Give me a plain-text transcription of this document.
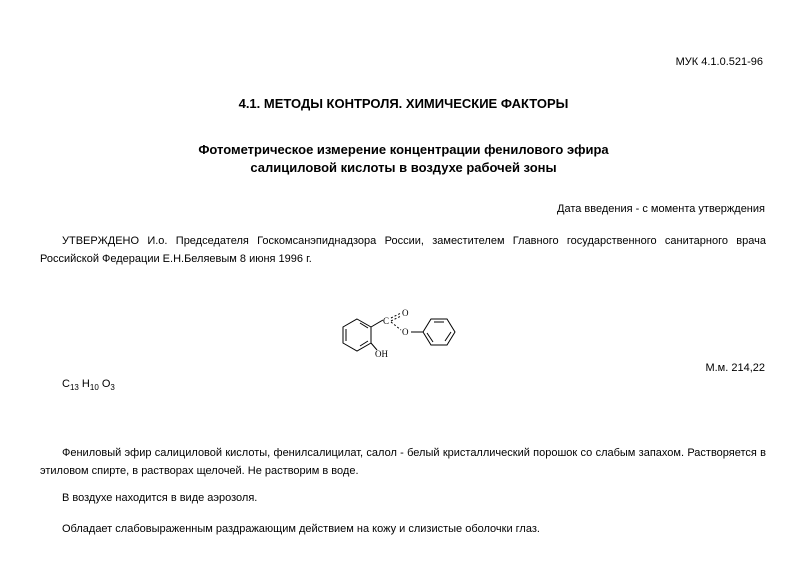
МУК 4.1.0.521-96
4.1. МЕТОДЫ КОНТРОЛЯ. ХИМИЧЕСКИЕ ФАКТОРЫ
Фотометрическое измерение концентрации фенилового эфира
салициловой кислоты в воздухе рабочей зоны
Дата введения - с момента утверждения
УТВЕРЖДЕНО И.о. Председателя Госкомсанэпиднадзора России, заместителем Главного государственного санитарного врача Российской Федерации Е.Н.Беляевым 8 июня 1996 г.
C
O
O
OH
М.м. 214,22
$C_{13}$ $H_{10}$ $O_3$
Фениловый эфир салициловой кислоты, фенилсалицилат, салол - белый кристаллический порошок со слабым запахом. Растворяется в этиловом спирте, в растворах щелочей. Не растворим в воде.
В воздухе находится в виде аэрозоля.
Обладает слабовыраженным раздражающим действием на кожу и слизистые оболочки глаз.
